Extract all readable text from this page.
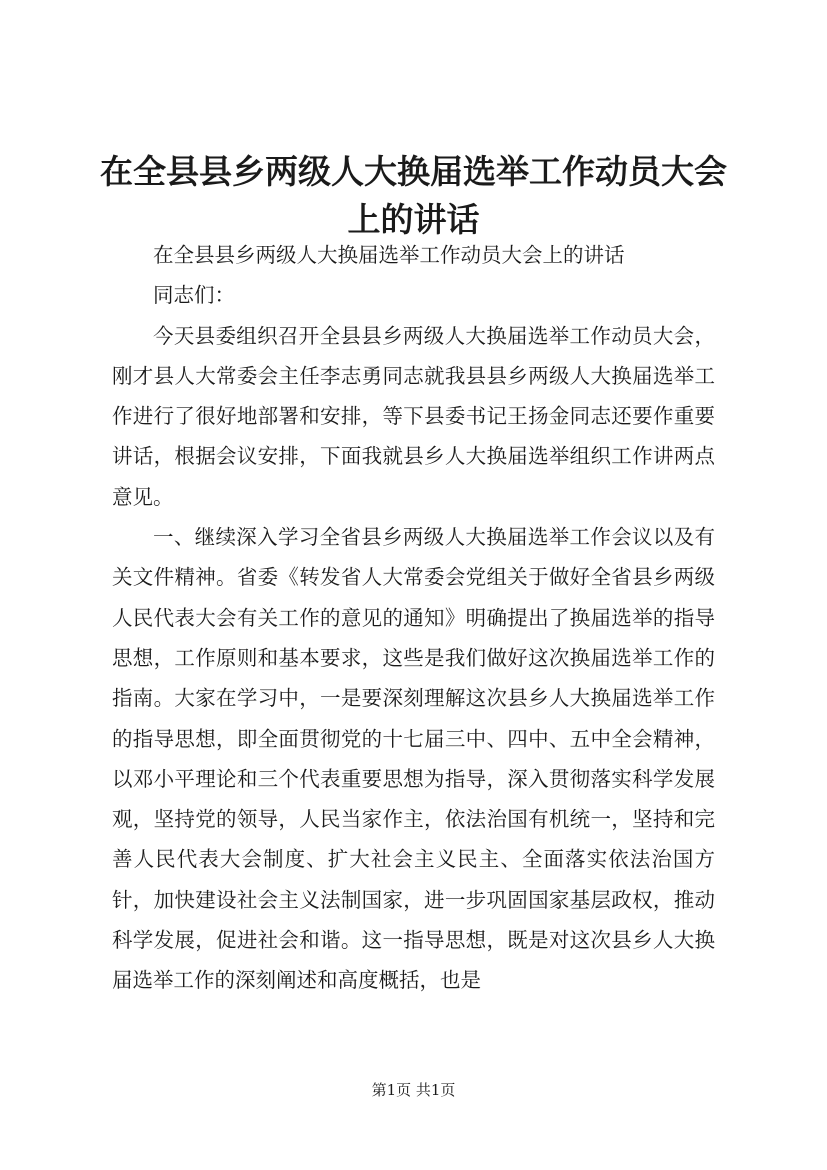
在全县县乡两级人大换届选举工作动员大会上的讲话

在全县县乡两级人大换届选举工作动员大会上的讲话

同志们：

今天县委组织召开全县县乡两级人大换届选举工作动员大会，刚才县人大常委会主任李志勇同志就我县县乡两级人大换届选举工作进行了很好地部署和安排，等下县委书记王扬金同志还要作重要讲话，根据会议安排，下面我就县乡人大换届选举组织工作讲两点意见。

一、继续深入学习全省县乡两级人大换届选举工作会议以及有关文件精神。省委《转发省人大常委会党组关于做好全省县乡两级人民代表大会有关工作的意见的通知》明确提出了换届选举的指导思想，工作原则和基本要求，这些是我们做好这次换届选举工作的指南。大家在学习中，一是要深刻理解这次县乡人大换届选举工作的指导思想，即全面贯彻党的十七届三中、四中、五中全会精神，以邓小平理论和三个代表重要思想为指导，深入贯彻落实科学发展观，坚持党的领导，人民当家作主，依法治国有机统一，坚持和完善人民代表大会制度、扩大社会主义民主、全面落实依法治国方针，加快建设社会主义法制国家，进一步巩固国家基层政权，推动科学发展，促进社会和谐。这一指导思想，既是对这次县乡人大换届选举工作的深刻阐述和高度概括，也是

第1页 共1页
